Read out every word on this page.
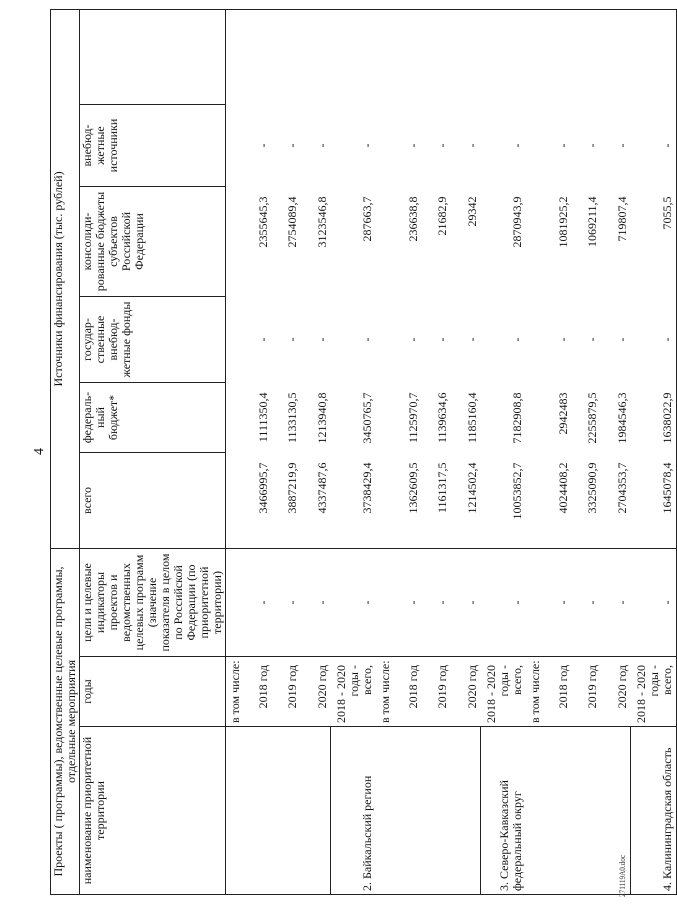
4
Проекты ( программы), ведомственные целевые программы, отдельные мероприятия			Источники финансирования (тыс. рублей)					
наименование приоритетной территории	годы	цели и целевые индикаторы проектов и ведомственных целевых программ (значение показателя в целом по Российской Федерации (по приоритетной территории)	всего	федераль-ный бюджет*	государ-ственные внебюд-жетные фонды	консолиди-рованные бюджеты субъектов Российской Федерации	внебюд-жетные источники	
	в том числе:							
	2018 год	-	3466995,7	1111350,4	-	2355645,3	-	
	2019 год	-	3887219,9	1133130,5	-	2754089,4	-	
	2020 год	-	4337487,6	1213940,8	-	3123546,8	-	
2. Байкальский регион	2018 - 2020 годы - всего,	-	3738429,4	3450765,7	-	287663,7	-	
	в том числе:							
	2018 год	-	1362609,5	1125970,7	-	236638,8	-	
	2019 год	-	1161317,5	1139634,6	-	21682,9	-	
	2020 год	-	1214502,4	1185160,4	-	29342	-	
3. Северо-Кавказский федеральный округ	2018 - 2020 годы - всего,	-	10053852,7	7182908,8	-	2870943,9	-	
	в том числе:							
	2018 год	-	4024408,2	2942483	-	1081925,2	-	
	2019 год	-	3325090,9	2255879,5	-	1069211,4	-	
	2020 год	-	2704353,7	1984546,3	-	719807,4	-	
4. Калининградская область	2018 - 2020 годы - всего,	-	1645078,4	1638022,9	-	7055,5	-	
271119A0.doc
